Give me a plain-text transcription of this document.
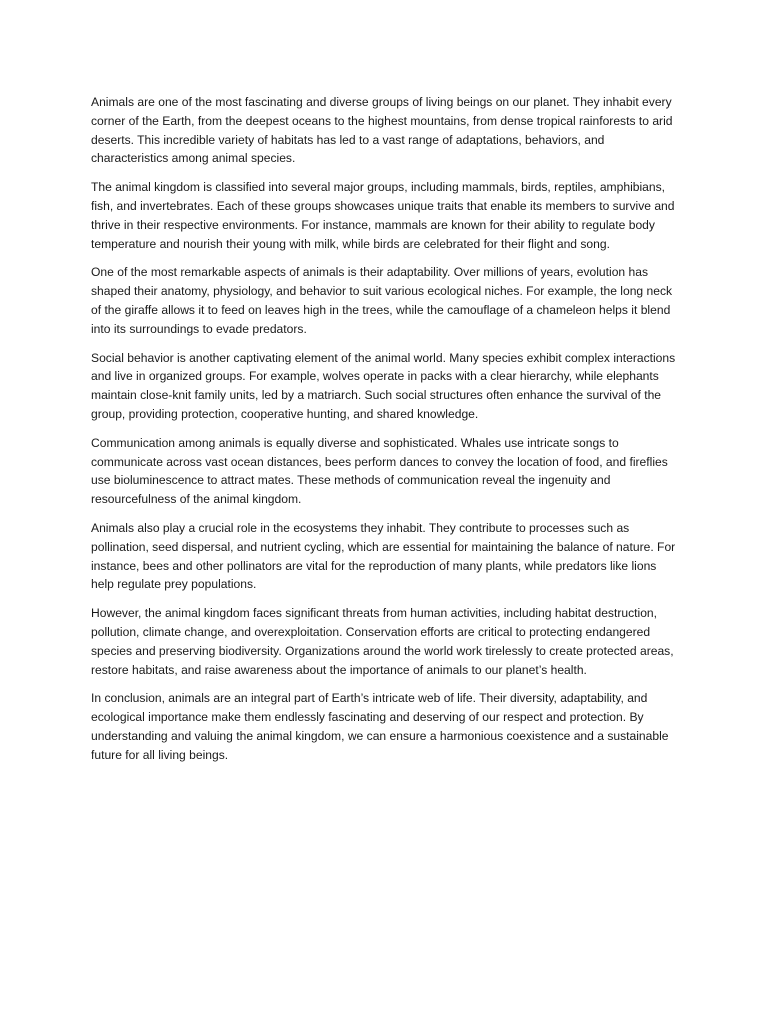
Animals are one of the most fascinating and diverse groups of living beings on our planet. They inhabit every corner of the Earth, from the deepest oceans to the highest mountains, from dense tropical rainforests to arid deserts. This incredible variety of habitats has led to a vast range of adaptations, behaviors, and characteristics among animal species.

The animal kingdom is classified into several major groups, including mammals, birds, reptiles, amphibians, fish, and invertebrates. Each of these groups showcases unique traits that enable its members to survive and thrive in their respective environments. For instance, mammals are known for their ability to regulate body temperature and nourish their young with milk, while birds are celebrated for their flight and song.

One of the most remarkable aspects of animals is their adaptability. Over millions of years, evolution has shaped their anatomy, physiology, and behavior to suit various ecological niches. For example, the long neck of the giraffe allows it to feed on leaves high in the trees, while the camouflage of a chameleon helps it blend into its surroundings to evade predators.

Social behavior is another captivating element of the animal world. Many species exhibit complex interactions and live in organized groups. For example, wolves operate in packs with a clear hierarchy, while elephants maintain close-knit family units, led by a matriarch. Such social structures often enhance the survival of the group, providing protection, cooperative hunting, and shared knowledge.

Communication among animals is equally diverse and sophisticated. Whales use intricate songs to communicate across vast ocean distances, bees perform dances to convey the location of food, and fireflies use bioluminescence to attract mates. These methods of communication reveal the ingenuity and resourcefulness of the animal kingdom.

Animals also play a crucial role in the ecosystems they inhabit. They contribute to processes such as pollination, seed dispersal, and nutrient cycling, which are essential for maintaining the balance of nature. For instance, bees and other pollinators are vital for the reproduction of many plants, while predators like lions help regulate prey populations.

However, the animal kingdom faces significant threats from human activities, including habitat destruction, pollution, climate change, and overexploitation. Conservation efforts are critical to protecting endangered species and preserving biodiversity. Organizations around the world work tirelessly to create protected areas, restore habitats, and raise awareness about the importance of animals to our planet’s health.

In conclusion, animals are an integral part of Earth’s intricate web of life. Their diversity, adaptability, and ecological importance make them endlessly fascinating and deserving of our respect and protection. By understanding and valuing the animal kingdom, we can ensure a harmonious coexistence and a sustainable future for all living beings.
